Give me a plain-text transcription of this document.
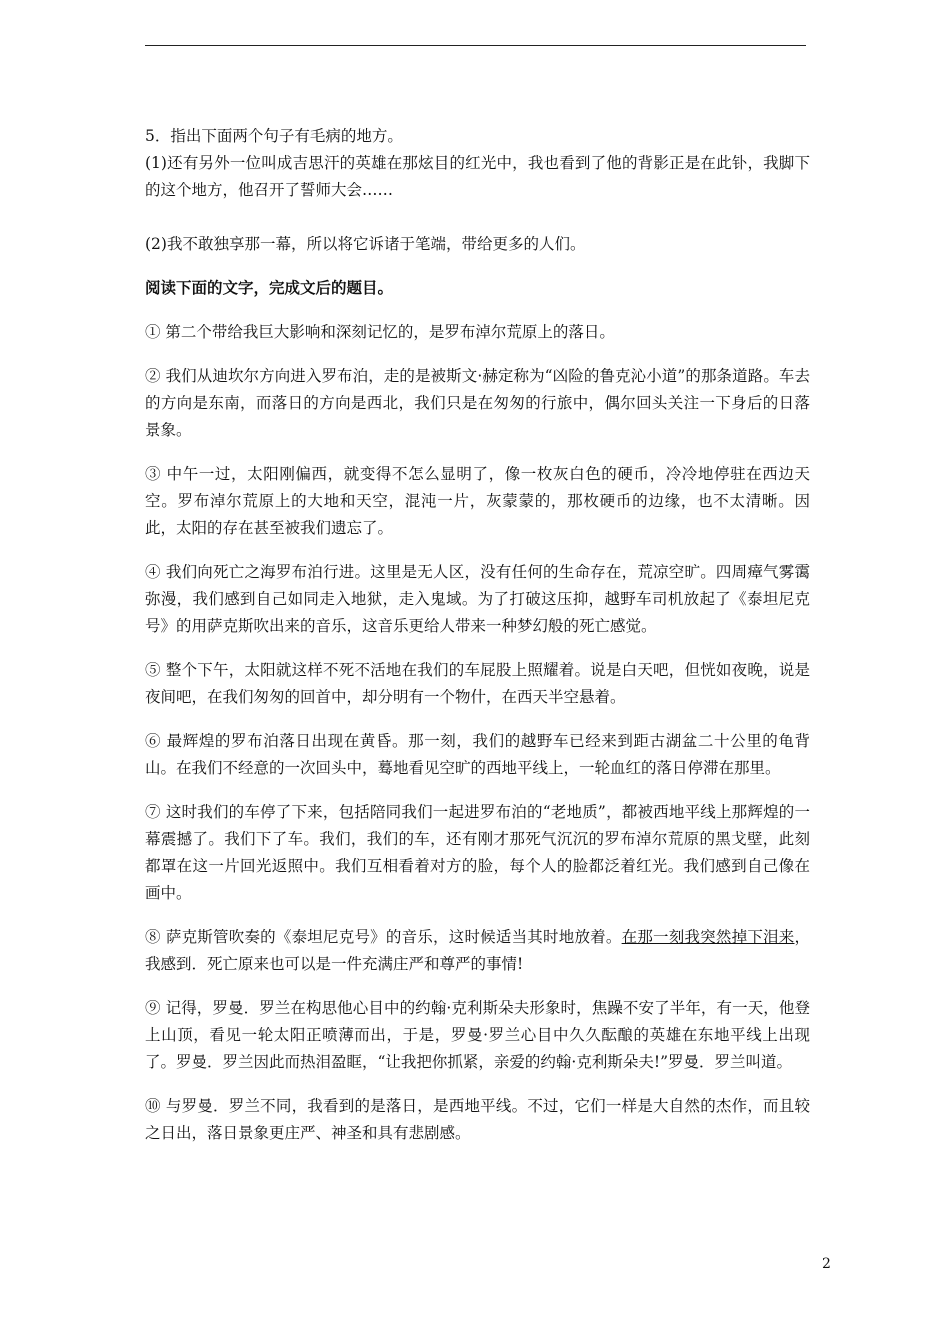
5．指出下面两个句子有毛病的地方。

(1)还有另外一位叫成吉思汗的英雄在那炫目的红光中，我也看到了他的背影正是在此钋，我脚下的这个地方，他召开了誓师大会……

(2)我不敢独享那一幕，所以将它诉诸于笔端，带给更多的人们。

阅读下面的文字，完成文后的题目。

① 第二个带给我巨大影响和深刻记忆的，是罗布淖尔荒原上的落日。

② 我们从迪坎尔方向进入罗布泊，走的是被斯文·赫定称为“凶险的鲁克沁小道”的那条道路。车去的方向是东南，而落日的方向是西北，我们只是在匆匆的行旅中，偶尔回头关注一下身后的日落景象。

③ 中午一过，太阳刚偏西，就变得不怎么显明了，像一枚灰白色的硬币，冷冷地停驻在西边天空。罗布淖尔荒原上的大地和天空，混沌一片，灰蒙蒙的，那枚硬币的边缘，也不太清晰。因此，太阳的存在甚至被我们遗忘了。

④ 我们向死亡之海罗布泊行进。这里是无人区，没有任何的生命存在，荒凉空旷。四周瘴气雾霭弥漫，我们感到自己如同走入地狱，走入鬼域。为了打破这压抑，越野车司机放起了《泰坦尼克号》的用萨克斯吹出来的音乐，这音乐更给人带来一种梦幻般的死亡感觉。

⑤ 整个下午，太阳就这样不死不活地在我们的车屁股上照耀着。说是白天吧，但恍如夜晚，说是夜间吧，在我们匆匆的回首中，却分明有一个物什，在西天半空悬着。

⑥ 最辉煌的罗布泊落日出现在黄昏。那一刻，我们的越野车已经来到距古湖盆二十公里的龟背山。在我们不经意的一次回头中，蓦地看见空旷的西地平线上，一轮血红的落日停滞在那里。

⑦ 这时我们的车停了下来，包括陪同我们一起进罗布泊的“老地质”，都被西地平线上那辉煌的一幕震撼了。我们下了车。我们，我们的车，还有刚才那死气沉沉的罗布淖尔荒原的黑戈壁，此刻都罩在这一片回光返照中。我们互相看着对方的脸，每个人的脸都泛着红光。我们感到自己像在画中。

⑧ 萨克斯管吹奏的《泰坦尼克号》的音乐，这时候适当其时地放着。在那一刻我突然掉下泪来，我感到．死亡原来也可以是一件充满庄严和尊严的事情!

⑨ 记得，罗曼．罗兰在构思他心目中的约翰·克利斯朵夫形象时，焦躁不安了半年，有一天，他登上山顶，看见一轮太阳正喷薄而出，于是，罗曼·罗兰心目中久久酝酿的英雄在东地平线上出现了。罗曼．罗兰因此而热泪盈眶，“让我把你抓紧，亲爱的约翰·克利斯朵夫!”罗曼．罗兰叫道。

⑩ 与罗曼．罗兰不同，我看到的是落日，是西地平线。不过，它们一样是大自然的杰作，而且较之日出，落日景象更庄严、神圣和具有悲剧感。

2
